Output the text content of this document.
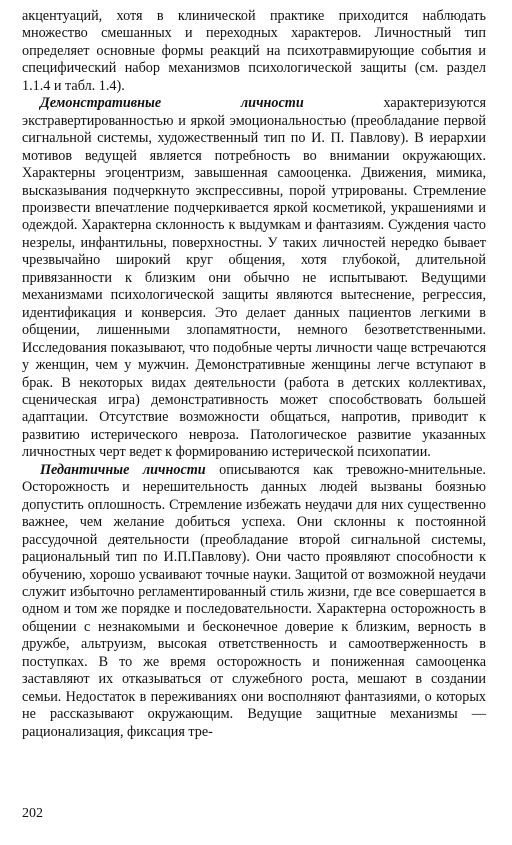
акцентуаций, хотя в клинической практике приходится наблюдать множество смешанных и переходных характеров. Личностный тип определяет основные формы реакций на психотравмирующие события и специфический набор механизмов психологической защиты (см. раздел 1.1.4 и табл. 1.4).

Демонстративные личности характеризуются экстравертированностью и яркой эмоциональностью (преобладание первой сигнальной системы, художественный тип по И. П. Павлову). В иерархии мотивов ведущей является потребность во внимании окружающих. Характерны эгоцентризм, завышенная самооценка. Движения, мимика, высказывания подчеркнуто экспрессивны, порой утрированы. Стремление произвести впечатление подчеркивается яркой косметикой, украшениями и одеждой. Характерна склонность к выдумкам и фантазиям. Суждения часто незрелы, инфантильны, поверхностны. У таких личностей нередко бывает чрезвычайно широкий круг общения, хотя глубокой, длительной привязанности к близким они обычно не испытывают. Ведущими механизмами психологической защиты являются вытеснение, регрессия, идентификация и конверсия. Это делает данных пациентов легкими в общении, лишенными злопамятности, немного безответственными. Исследования показывают, что подобные черты личности чаще встречаются у женщин, чем у мужчин. Демонстративные женщины легче вступают в брак. В некоторых видах деятельности (работа в детских коллективах, сценическая игра) демонстративность может способствовать большей адаптации. Отсутствие возможности общаться, напротив, приводит к развитию истерического невроза. Патологическое развитие указанных личностных черт ведет к формированию истерической психопатии.

Педантичные личности описываются как тревожно-мнительные. Осторожность и нерешительность данных людей вызваны боязнью допустить оплошность. Стремление избежать неудачи для них существенно важнее, чем желание добиться успеха. Они склонны к постоянной рассудочной деятельности (преобладание второй сигнальной системы, рациональный тип по И.П.Павлову). Они часто проявляют способности к обучению, хорошо усваивают точные науки. Защитой от возможной неудачи служит избыточно регламентированный стиль жизни, где все совершается в одном и том же порядке и последовательности. Характерна осторожность в общении с незнакомыми и бесконечное доверие к близким, верность в дружбе, альтруизм, высокая ответственность и самоотверженность в поступках. В то же время осторожность и пониженная самооценка заставляют их отказываться от служебного роста, мешают в создании семьи. Недостаток в переживаниях они восполняют фантазиями, о которых не рассказывают окружающим. Ведущие защитные механизмы — рационализация, фиксация тре-

202
